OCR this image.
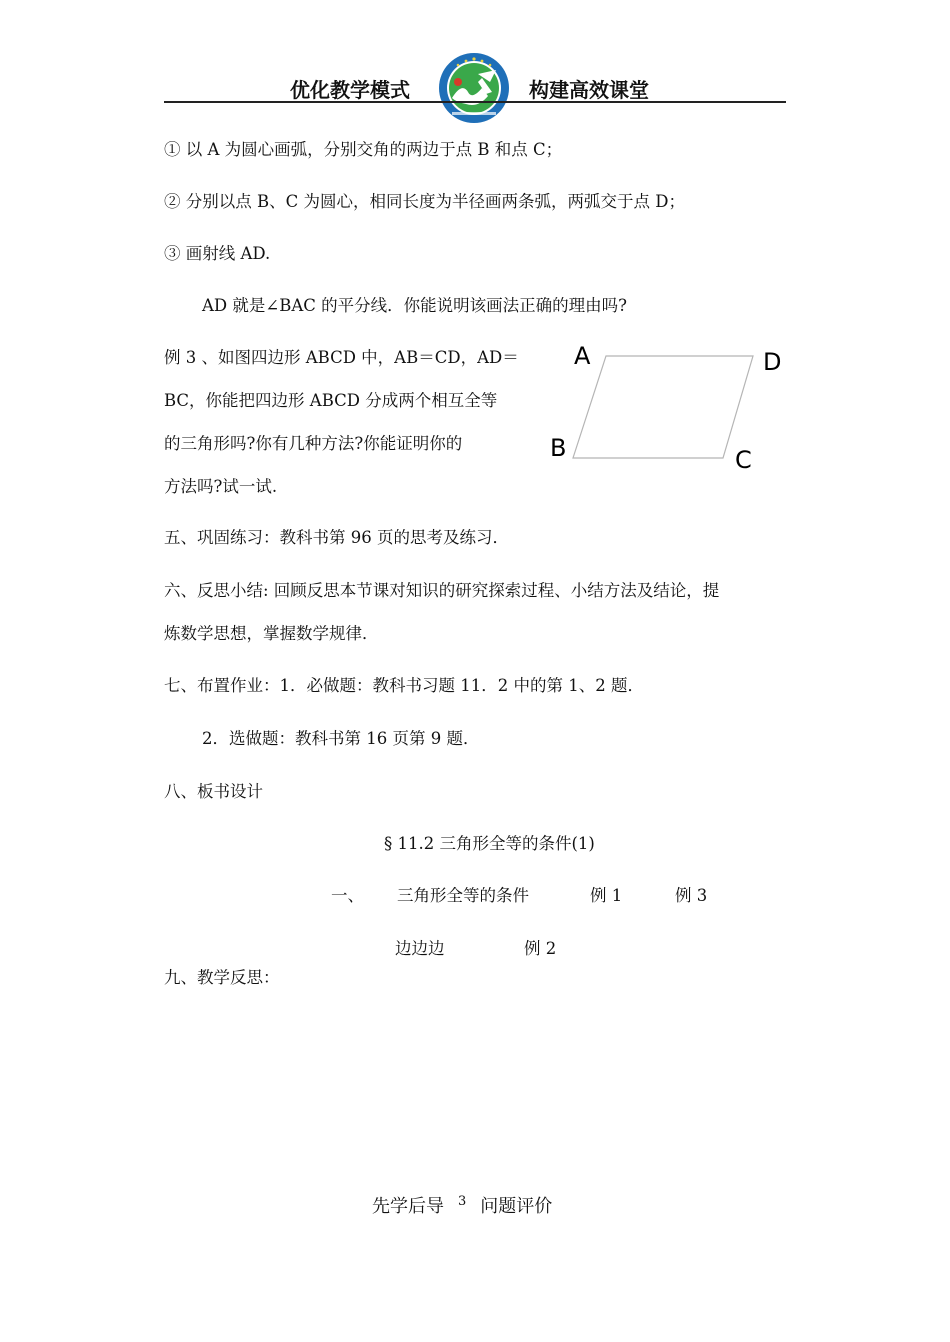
优化教学模式	构建高效课堂
① 以 A 为圆心画弧，分别交角的两边于点 B 和点 C；
② 分别以点 B、C 为圆心，相同长度为半径画两条弧，两弧交于点 D；
③ 画射线 AD.
AD 就是∠BAC 的平分线．你能说明该画法正确的理由吗?
例 3 、如图四边形 ABCD 中，AB＝CD，AD＝
BC，你能把四边形 ABCD 分成两个相互全等
的三角形吗?你有几种方法?你能证明你的
方法吗?试一试.
A	D
B	C
五、巩固练习：教科书第 96 页的思考及练习．
六、反思小结: 回顾反思本节课对知识的研究探索过程、小结方法及结论，提
炼数学思想，掌握数学规律．
七、布置作业：1．必做题：教科书习题 11．2 中的第 1、2 题．
2．选做题：教科书第 16 页第 9 题．
八、板书设计
§ 11.2 三角形全等的条件(1)
一、 三角形全等的条件	例 1	例 3
边边边	例 2
九、教学反思：
先学后导 $^3$ 问题评价
